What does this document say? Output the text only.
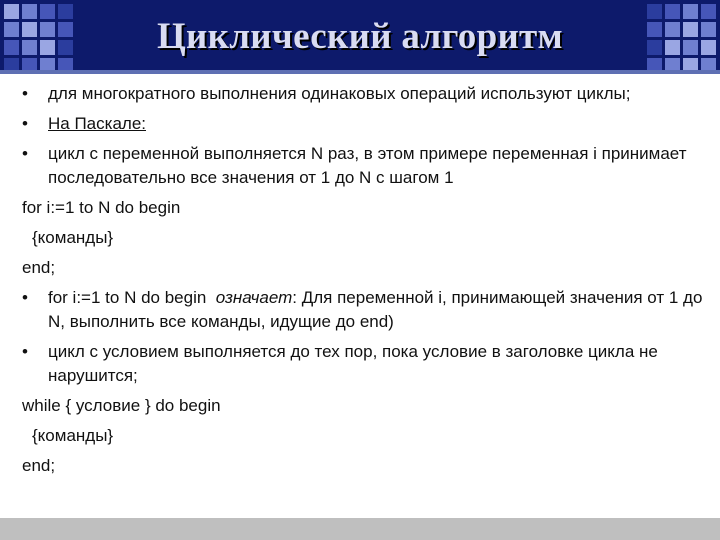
Циклический алгоритм
• для многократного выполнения одинаковых операций используют циклы;
• На Паскале:
• цикл с переменной выполняется N раз, в этом примере переменная i принимает последовательно все значения от 1 до N с шагом 1
for i:=1 to N do begin
{команды}
end;
• for i:=1 to N do begin означает: Для переменной i, принимающей значения от 1 до N, выполнить все команды, идущие до end)
• цикл с условием выполняется до тех пор, пока условие в заголовке цикла не нарушится;
while { условие } do begin
{команды}
end;
